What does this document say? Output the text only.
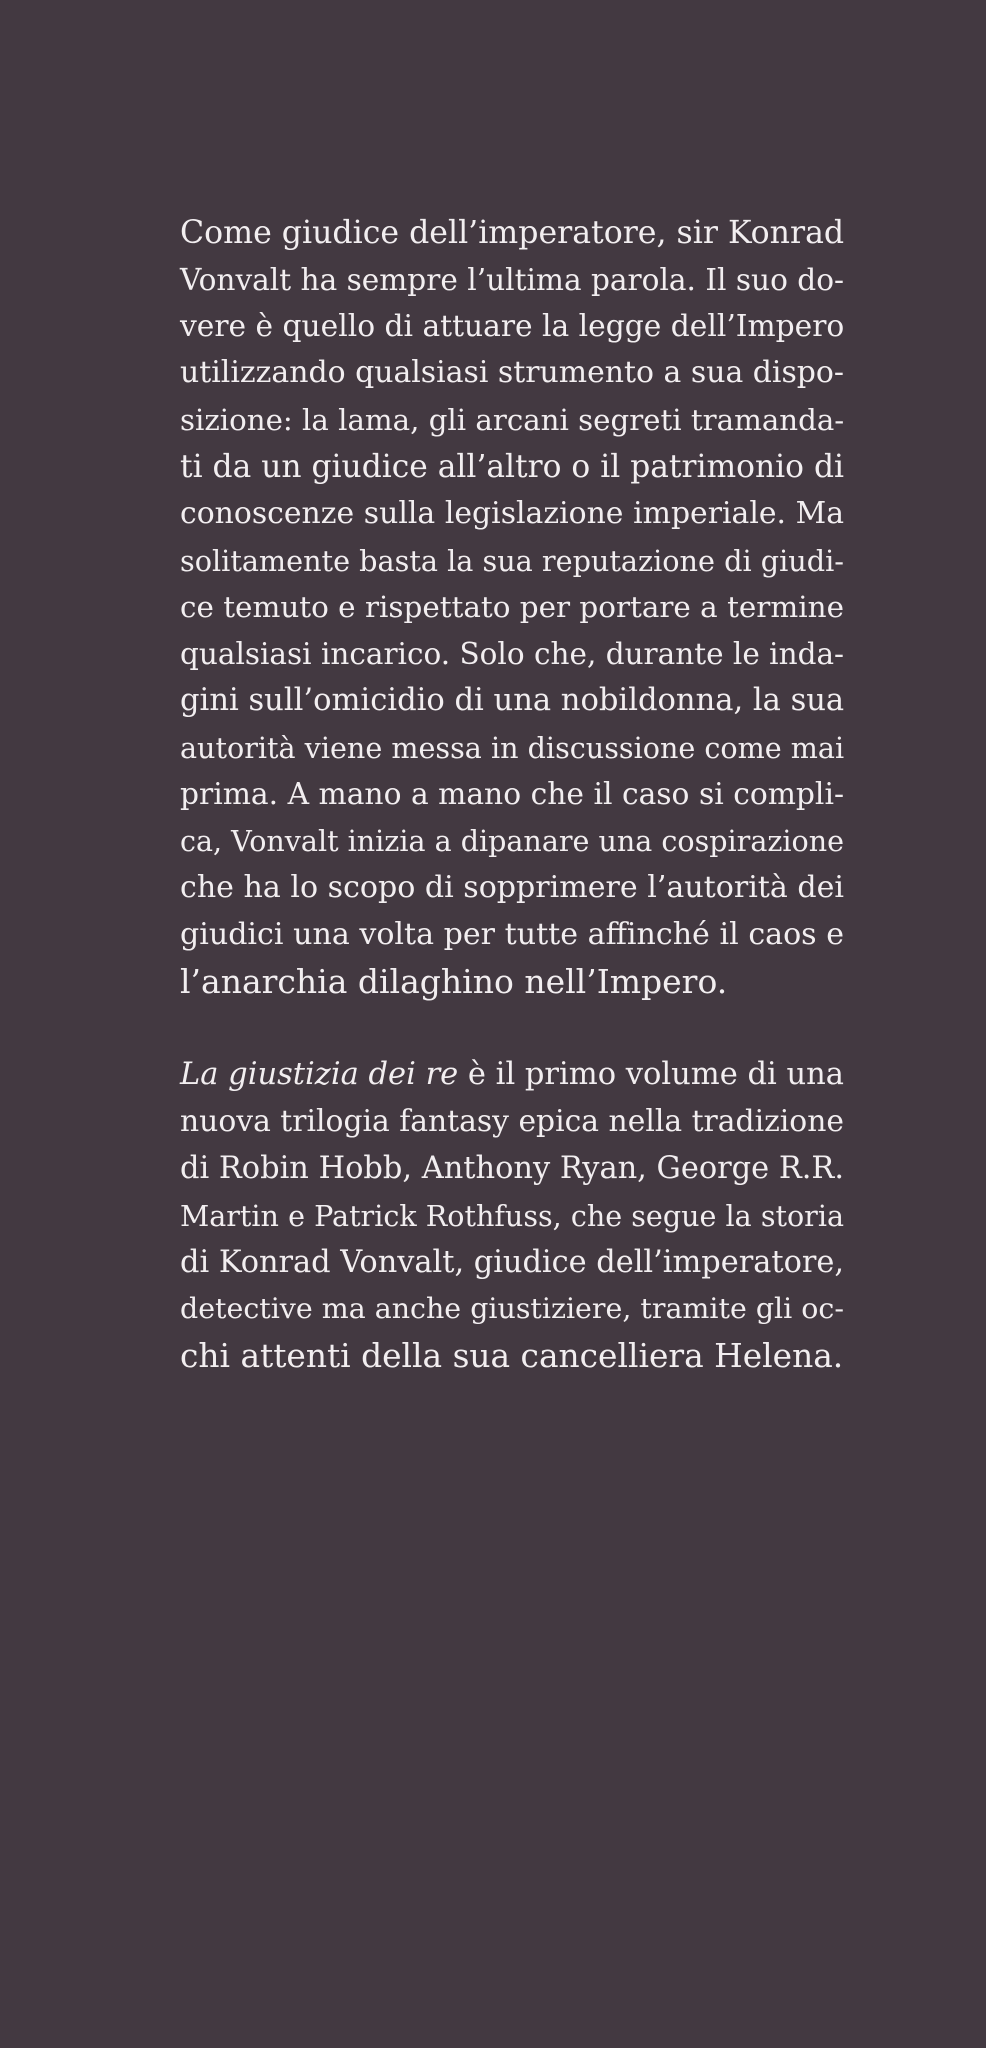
Come giudice dell’imperatore, sir Konrad
Vonvalt ha sempre l’ultima parola. Il suo do-
vere è quello di attuare la legge dell’Impero
utilizzando qualsiasi strumento a sua dispo-
sizione: la lama, gli arcani segreti tramanda-
ti da un giudice all’altro o il patrimonio di
conoscenze sulla legislazione imperiale. Ma
solitamente basta la sua reputazione di giudi-
ce temuto e rispettato per portare a termine
qualsiasi incarico. Solo che, durante le inda-
gini sull’omicidio di una nobildonna, la sua
autorità viene messa in discussione come mai
prima. A mano a mano che il caso si compli-
ca, Vonvalt inizia a dipanare una cospirazione
che ha lo scopo di sopprimere l’autorità dei
giudici una volta per tutte affinché il caos e
l’anarchia dilaghino nell’Impero.
La giustizia dei re è il primo volume di una
nuova trilogia fantasy epica nella tradizione
di Robin Hobb, Anthony Ryan, George R.R.
Martin e Patrick Rothfuss, che segue la storia
di Konrad Vonvalt, giudice dell’imperatore,
detective ma anche giustiziere, tramite gli oc-
chi attenti della sua cancelliera Helena.
